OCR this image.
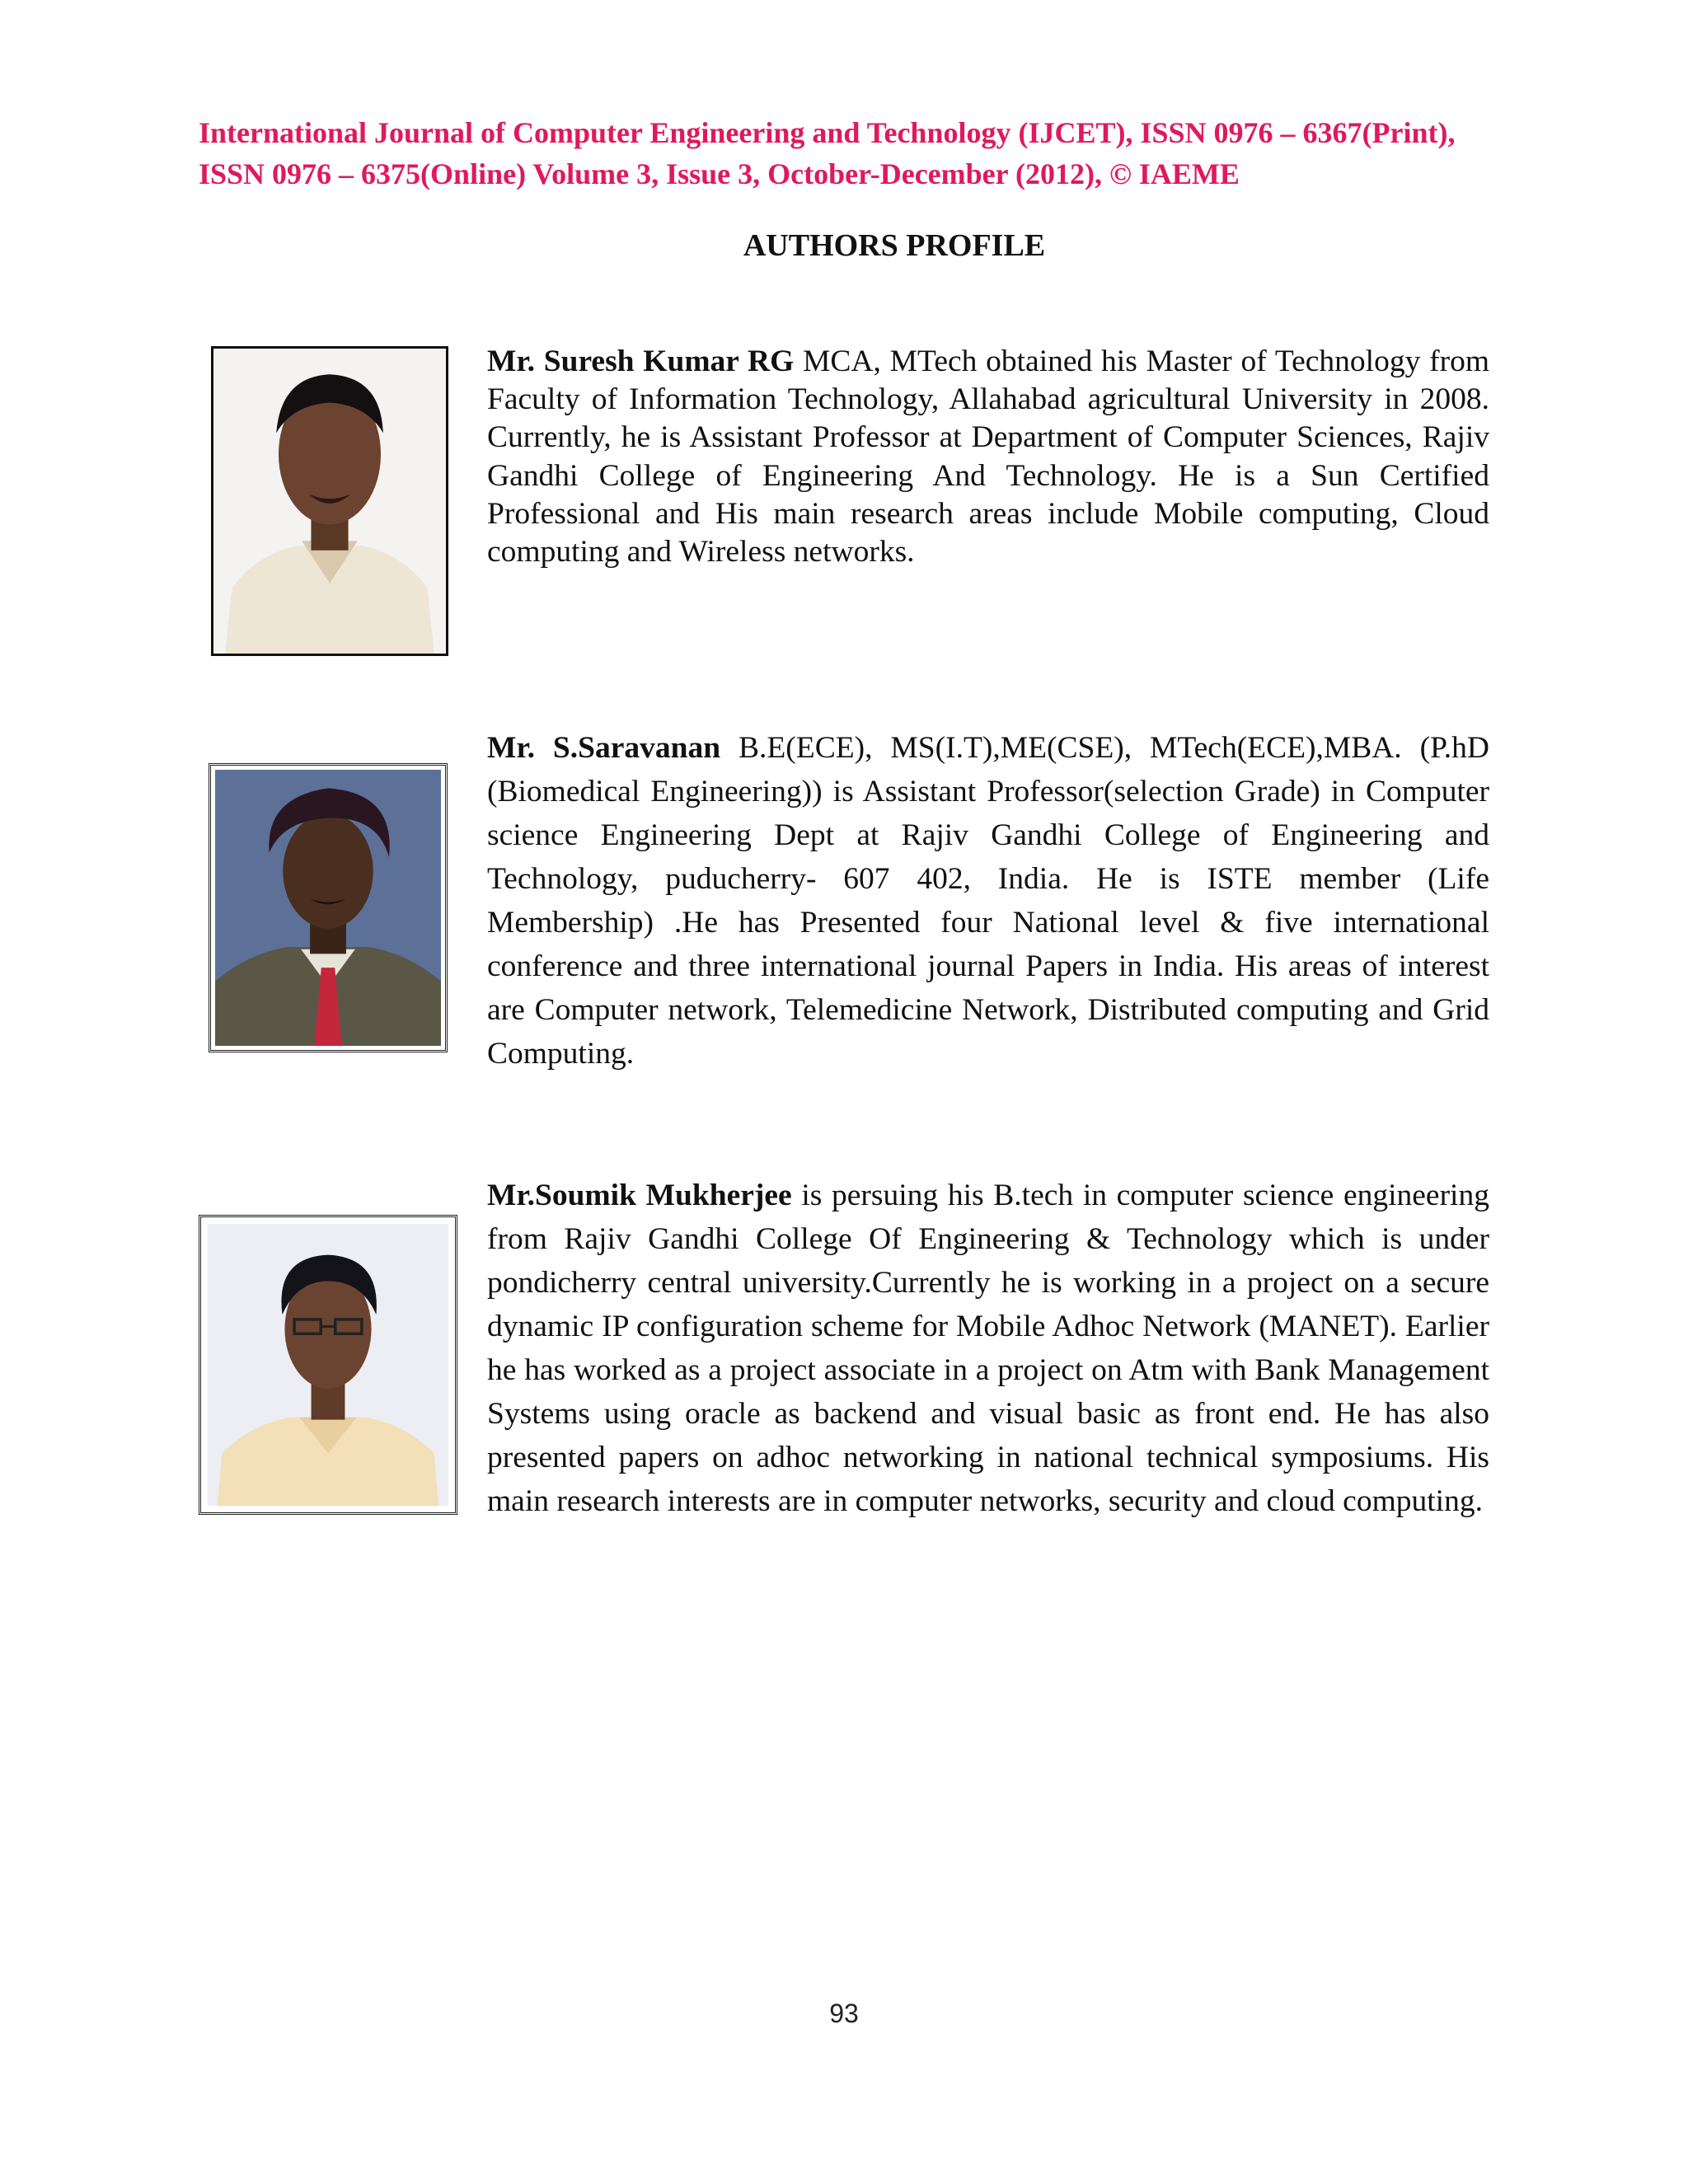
International Journal of Computer Engineering and Technology (IJCET), ISSN 0976 – 6367(Print),
ISSN 0976 – 6375(Online) Volume 3, Issue 3, October-December (2012), © IAEME
AUTHORS PROFILE
Mr. Suresh Kumar RG MCA, MTech obtained his Master of Technology from Faculty of Information Technology, Allahabad agricultural University in 2008. Currently, he is Assistant Professor at Department of Computer Sciences, Rajiv Gandhi College of Engineering And Technology. He is a Sun Certified Professional and His main research areas include Mobile computing, Cloud computing and Wireless networks.
Mr. S.Saravanan B.E(ECE), MS(I.T),ME(CSE), MTech(ECE),MBA. (P.hD (Biomedical Engineering)) is Assistant Professor(selection Grade) in Computer science Engineering Dept at Rajiv Gandhi College of Engineering and Technology, puducherry- 607 402, India. He is ISTE member (Life Membership) .He has Presented four National level & five international conference and three international journal Papers in India. His areas of interest are Computer network, Telemedicine Network, Distributed computing and Grid Computing.
Mr.Soumik Mukherjee is persuing his B.tech in computer science engineering from Rajiv Gandhi College Of Engineering & Technology which is under pondicherry central university.Currently he is working in a project on a secure dynamic IP configuration scheme for Mobile Adhoc Network (MANET). Earlier he has worked as a project associate in a project on Atm with Bank Management Systems using oracle as backend and visual basic as front end. He has also presented papers on adhoc networking in national technical symposiums. His main research interests are in computer networks, security and cloud computing.
93
